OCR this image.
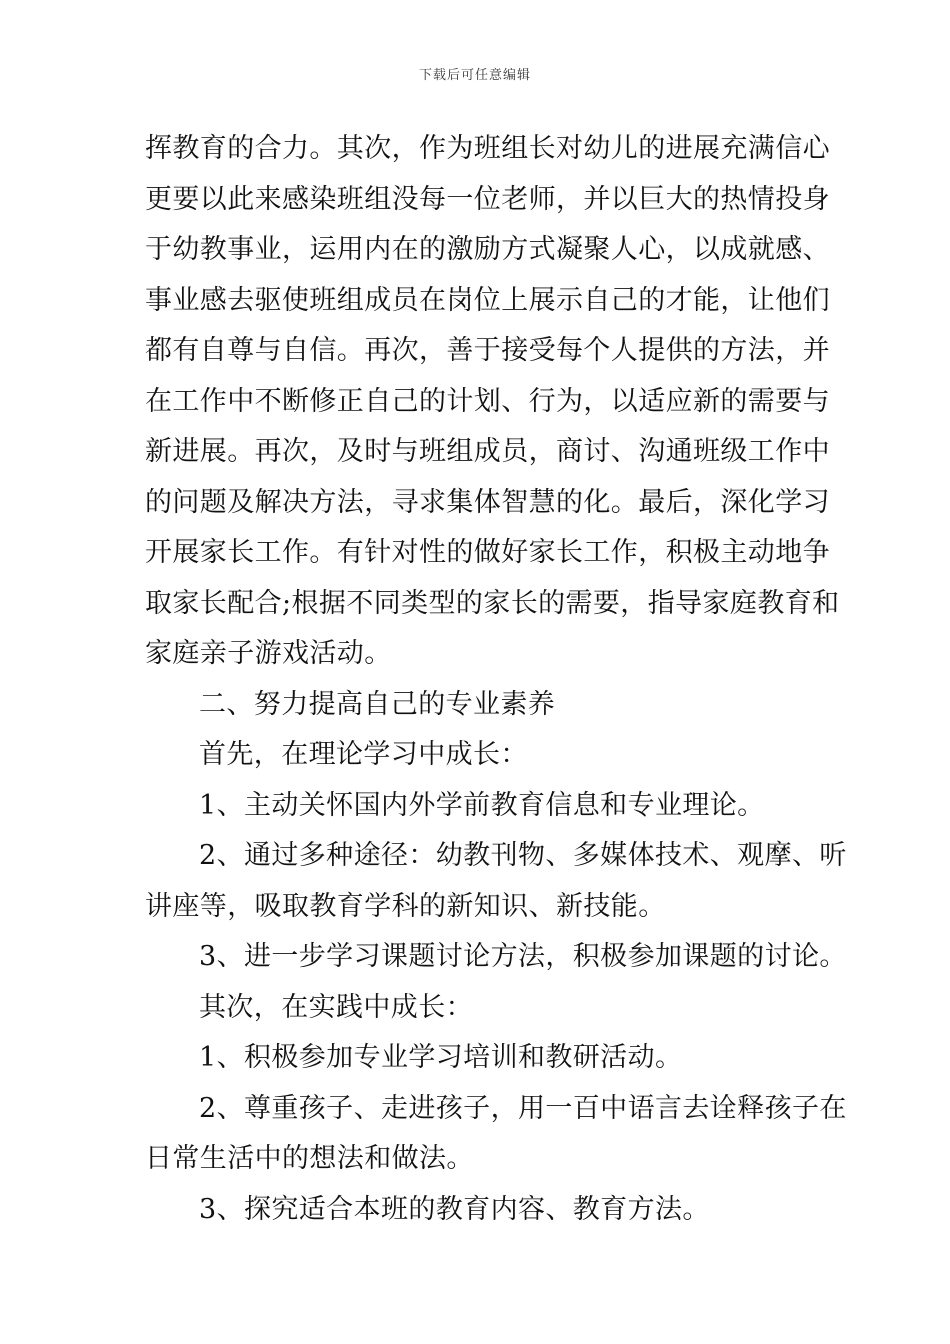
下载后可任意编辑
挥教育的合力。其次，作为班组长对幼儿的进展充满信心
更要以此来感染班组没每一位老师，并以巨大的热情投身
于幼教事业，运用内在的激励方式凝聚人心，以成就感、
事业感去驱使班组成员在岗位上展示自己的才能，让他们
都有自尊与自信。再次，善于接受每个人提供的方法，并
在工作中不断修正自己的计划、行为，以适应新的需要与
新进展。再次，及时与班组成员，商讨、沟通班级工作中
的问题及解决方法，寻求集体智慧的化。最后，深化学习
开展家长工作。有针对性的做好家长工作，积极主动地争
取家长配合;根据不同类型的家长的需要，指导家庭教育和
家庭亲子游戏活动。
二、努力提高自己的专业素养
首先，在理论学习中成长：
1、主动关怀国内外学前教育信息和专业理论。
2、通过多种途径：幼教刊物、多媒体技术、观摩、听
讲座等，吸取教育学科的新知识、新技能。
3、进一步学习课题讨论方法，积极参加课题的讨论。
其次，在实践中成长：
1、积极参加专业学习培训和教研活动。
2、尊重孩子、走进孩子，用一百中语言去诠释孩子在
日常生活中的想法和做法。
3、探究适合本班的教育内容、教育方法。
